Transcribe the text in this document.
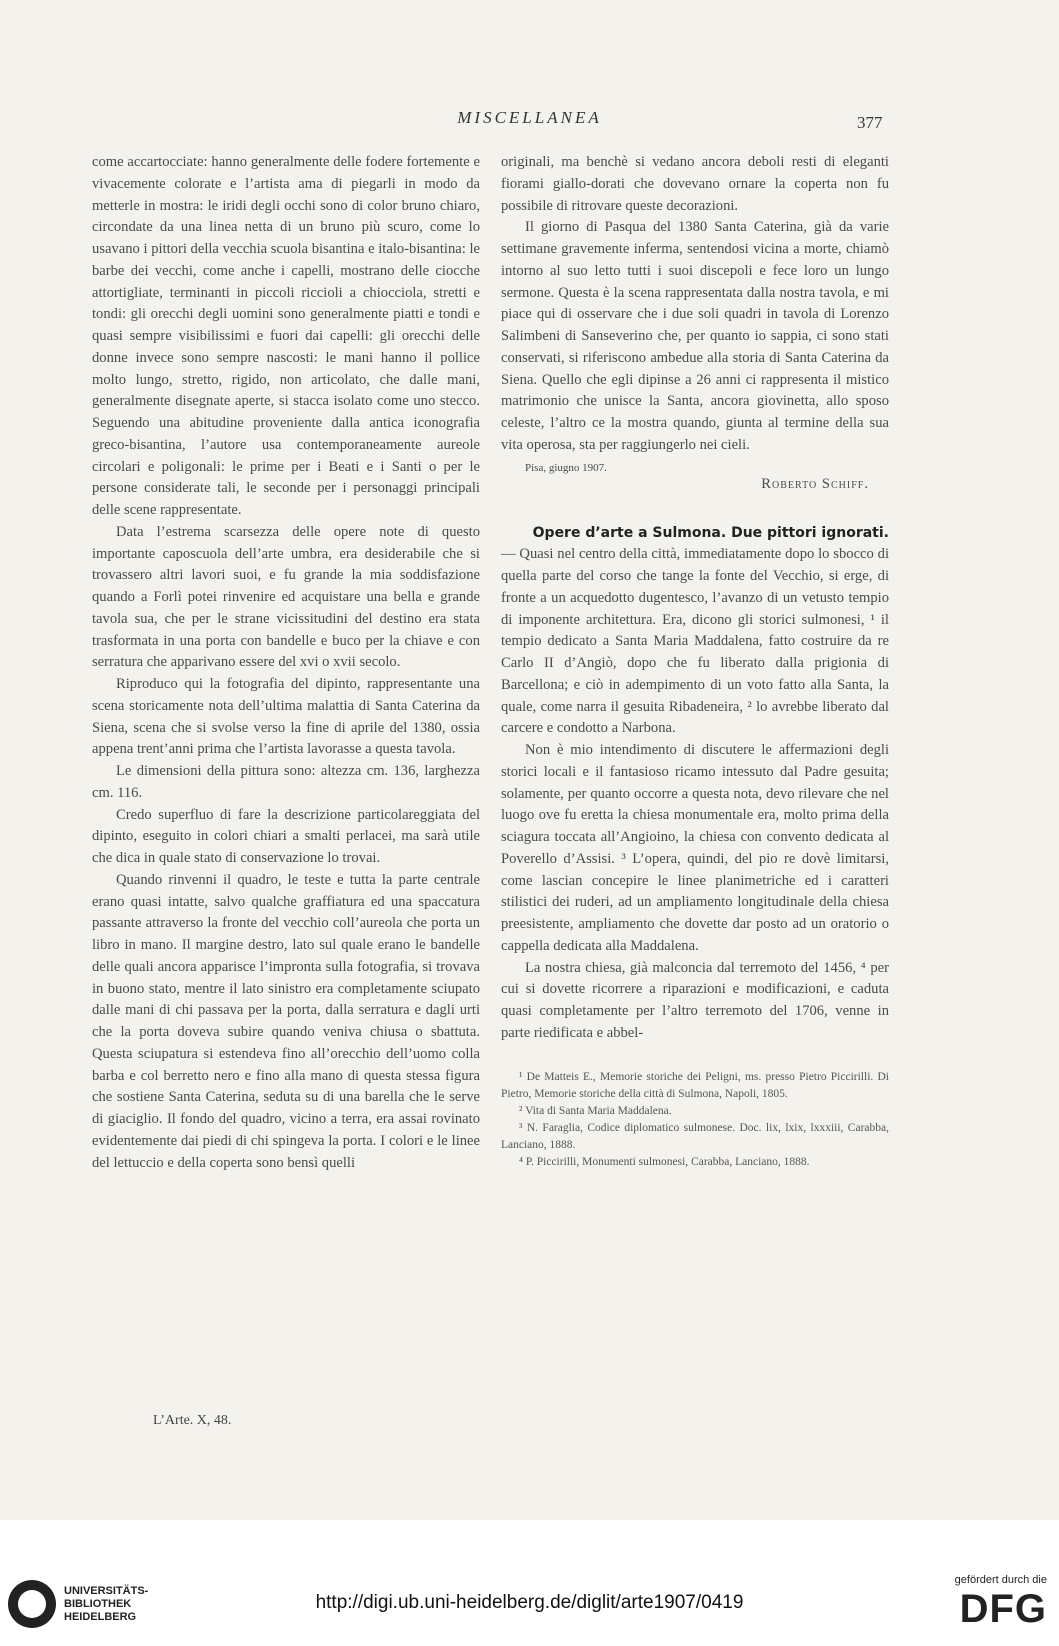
MISCELLANEA	377

come accartocciate: hanno generalmente delle fodere fortemente e vivacemente colorate e l’artista ama di piegarli in modo da metterle in mostra: le iridi degli occhi sono di color bruno chiaro, circondate da una linea netta di un bruno più scuro, come lo usavano i pittori della vecchia scuola bisantina e italo-bisantina: le barbe dei vecchi, come anche i capelli, mostrano delle ciocche attortigliate, terminanti in piccoli riccioli a chiocciola, stretti e tondi: gli orecchi degli uomini sono generalmente piatti e tondi e quasi sempre visibilissimi e fuori dai capelli: gli orecchi delle donne invece sono sempre nascosti: le mani hanno il pollice molto lungo, stretto, rigido, non articolato, che dalle mani, generalmente disegnate aperte, si stacca isolato come uno stecco. Seguendo una abitudine proveniente dalla antica iconografia greco-bisantina, l’autore usa contemporaneamente aureole circolari e poligonali: le prime per i Beati e i Santi o per le persone considerate tali, le seconde per i personaggi principali delle scene rappresentate.

Data l’estrema scarsezza delle opere note di questo importante caposcuola dell’arte umbra, era desiderabile che si trovassero altri lavori suoi, e fu grande la mia soddisfazione quando a Forlì potei rinvenire ed acquistare una bella e grande tavola sua, che per le strane vicissitudini del destino era stata trasformata in una porta con bandelle e buco per la chiave e con serratura che apparivano essere del xvi o xvii secolo.

Riproduco qui la fotografia del dipinto, rappresentante una scena storicamente nota dell’ultima malattia di Santa Caterina da Siena, scena che si svolse verso la fine di aprile del 1380, ossia appena trent’anni prima che l’artista lavorasse a questa tavola.

Le dimensioni della pittura sono: altezza cm. 136, larghezza cm. 116.

Credo superfluo di fare la descrizione particolareggiata del dipinto, eseguito in colori chiari a smalti perlacei, ma sarà utile che dica in quale stato di conservazione lo trovai.

Quando rinvenni il quadro, le teste e tutta la parte centrale erano quasi intatte, salvo qualche graffiatura ed una spaccatura passante attraverso la fronte del vecchio coll’aureola che porta un libro in mano. Il margine destro, lato sul quale erano le bandelle delle quali ancora apparisce l’impronta sulla fotografia, si trovava in buono stato, mentre il lato sinistro era completamente sciupato dalle mani di chi passava per la porta, dalla serratura e dagli urti che la porta doveva subire quando veniva chiusa o sbattuta. Questa sciupatura si estendeva fino all’orecchio dell’uomo colla barba e col berretto nero e fino alla mano di questa stessa figura che sostiene Santa Caterina, seduta su di una barella che le serve di giaciglio. Il fondo del quadro, vicino a terra, era assai rovinato evidentemente dai piedi di chi spingeva la porta. I colori e le linee del lettuccio e della coperta sono bensì quelli

originali, ma benchè si vedano ancora deboli resti di eleganti fiorami giallo-dorati che dovevano ornare la coperta non fu possibile di ritrovare queste decorazioni.

Il giorno di Pasqua del 1380 Santa Caterina, già da varie settimane gravemente inferma, sentendosi vicina a morte, chiamò intorno al suo letto tutti i suoi discepoli e fece loro un lungo sermone. Questa è la scena rappresentata dalla nostra tavola, e mi piace qui di osservare che i due soli quadri in tavola di Lorenzo Salimbeni di Sanseverino che, per quanto io sappia, ci sono stati conservati, si riferiscono ambedue alla storia di Santa Caterina da Siena. Quello che egli dipinse a 26 anni ci rappresenta il mistico matrimonio che unisce la Santa, ancora giovinetta, allo sposo celeste, l’altro ce la mostra quando, giunta al termine della sua vita operosa, sta per raggiungerlo nei cieli.

Pisa, giugno 1907.
Roberto Schiff.
Opere d’arte a Sulmona. Due pittori ignorati.

— Quasi nel centro della città, immediatamente dopo lo sbocco di quella parte del corso che tange la fonte del Vecchio, si erge, di fronte a un acquedotto dugentesco, l’avanzo di un vetusto tempio di imponente architettura. Era, dicono gli storici sulmonesi, ¹ il tempio dedicato a Santa Maria Maddalena, fatto costruire da re Carlo II d’Angiò, dopo che fu liberato dalla prigionia di Barcellona; e ciò in adempimento di un voto fatto alla Santa, la quale, come narra il gesuita Ribadeneira, ² lo avrebbe liberato dal carcere e condotto a Narbona.

Non è mio intendimento di discutere le affermazioni degli storici locali e il fantasioso ricamo intessuto dal Padre gesuita; solamente, per quanto occorre a questa nota, devo rilevare che nel luogo ove fu eretta la chiesa monumentale era, molto prima della sciagura toccata all’Angioino, la chiesa con convento dedicata al Poverello d’Assisi. ³ L’opera, quindi, del pio re dovè limitarsi, come lascian concepire le linee planimetriche ed i caratteri stilistici dei ruderi, ad un ampliamento longitudinale della chiesa preesistente, ampliamento che dovette dar posto ad un oratorio o cappella dedicata alla Maddalena.

La nostra chiesa, già malconcia dal terremoto del 1456, ⁴ per cui si dovette ricorrere a riparazioni e modificazioni, e caduta quasi completamente per l’altro terremoto del 1706, venne in parte riedificata e abbel-

¹ De Matteis E., Memorie storiche dei Peligni, ms. presso Pietro Piccirilli. Di Pietro, Memorie storiche della città di Sulmona, Napoli, 1805.

² Vita di Santa Maria Maddalena.

³ N. Faraglia, Codice diplomatico sulmonese. Doc. lix, lxix, lxxxiii, Carabba, Lanciano, 1888.

⁴ P. Piccirilli, Monumenti sulmonesi, Carabba, Lanciano, 1888.

L’Arte. X, 48.
UNIVERSITÄTS-
BIBLIOTHEK
HEIDELBERG
http://digi.ub.uni-heidelberg.de/diglit/arte1907/0419
gefördert durch die
DFG
